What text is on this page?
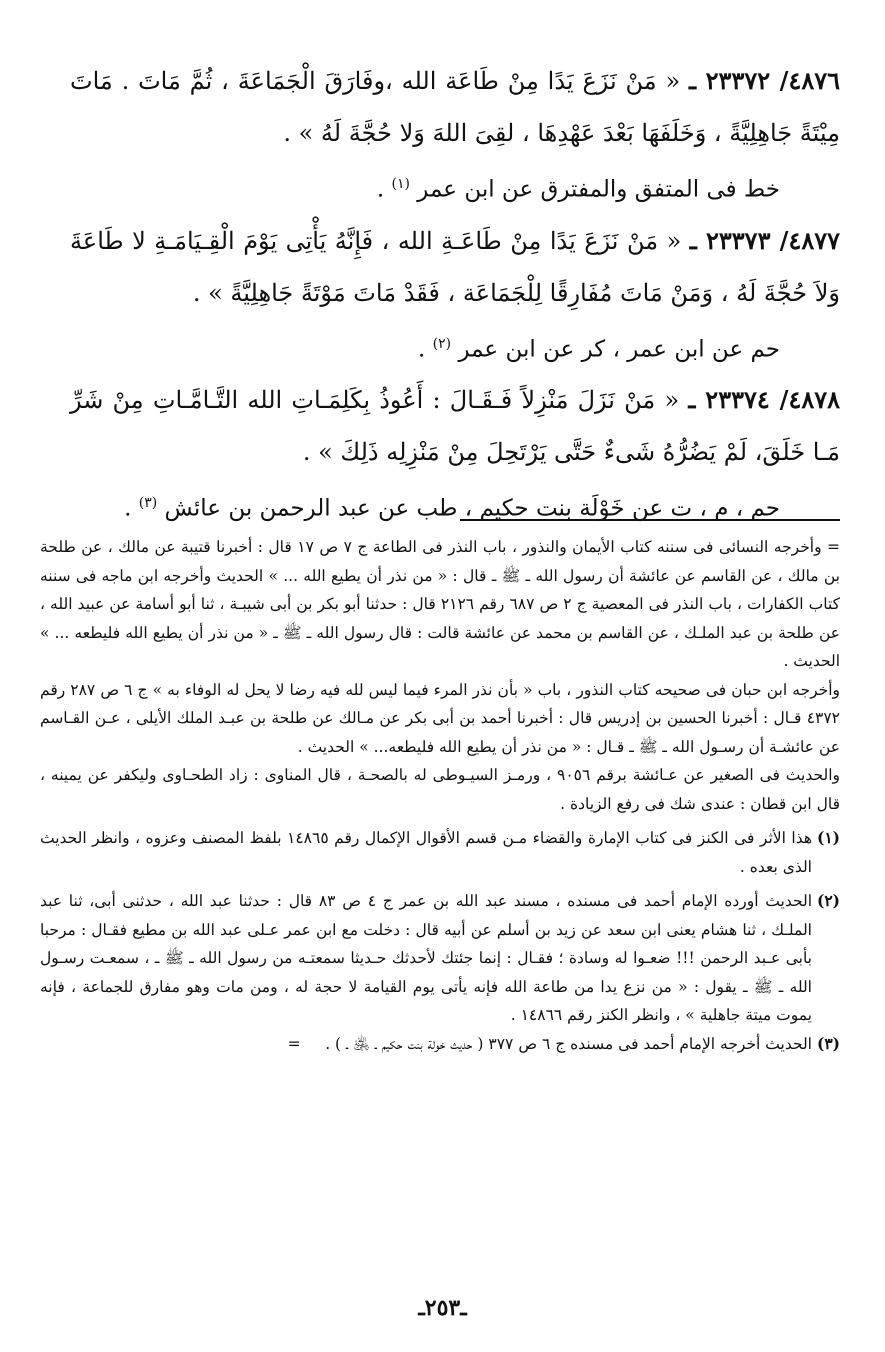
٤٨٧٦/ ٢٣٣٧٢ ـ « مَنْ نَزَعَ يَدًا مِنْ طَاعَة الله ،وفَارَقَ الْجَمَاعَةَ ، ثُمَّ مَاتَ . مَاتَ مِيْتَةً جَاهِلِيَّةً ، وَخَلَفَهَا بَعْدَ عَهْدِهَا ، لقِىَ اللهَ وَلا حُجَّةَ لَهُ » .

خط فى المتفق والمفترق عن ابن عمر $^{(١)}$ .

٤٨٧٧/ ٢٣٣٧٣ ـ « مَنْ نَزَعَ يَدًا مِنْ طَاعَـةِ الله ، فَإِنَّهُ يَأْتِى يَوْمَ الْقِـيَامَـةِ لا طَاعَةَ وَلاَ حُجَّةَ لَهُ ، وَمَنْ مَاتَ مُفَارِقًا لِلْجَمَاعَة ، فَقَدْ مَاتَ مَوْتَةً جَاهِلِيَّةً » .

حم عن ابن عمر ، كر عن ابن عمر $^{(٢)}$ .

٤٨٧٨/ ٢٣٣٧٤ ـ « مَنْ نَزَلَ مَنْزِلاً فَـقَـالَ : أَعُوذُ بِكَلِمَـاتِ الله التَّـامَّـاتِ مِنْ شَرِّ مَـا خَلَقَ، لَمْ يَضُرُّهُ شَىءٌ حَتَّى يَرْتَحِلَ مِنْ مَنْزِلِه ذَلِكَ » .

حم ، م ، ت عن خَوْلَة بنت حكيم ، طب عن عبد الرحمن بن عائش $^{(٣)}$ .

= وأخرجه النسائى فى سننه كتاب الأيمان والنذور ، باب النذر فى الطاعة ج ٧ ص ١٧ قال : أخبرنا قتيبة عن مالك ، عن طلحة بن مالك ، عن القاسم عن عائشة أن رسول الله ـ ﷺ ـ قال : « من نذر أن يطيع الله ... » الحديث وأخرجه ابن ماجه فى سننه كتاب الكفارات ، باب النذر فى المعصية ج ٢ ص ٦٨٧ رقم ٢١٢٦ قال : حدثنا أبو بكر بن أبى شيبـة ، ثنا أبو أسامة عن عبيد الله ، عن طلحة بن عبد الملـك ، عن القاسم بن محمد عن عائشة قالت : قال رسول الله ـ ﷺ ـ « من نذر أن يطيع الله فليطعه ... » الحديث .

وأخرجه ابن حبان فى صحيحه كتاب النذور ، باب « بأن نذر المرء فيما ليس لله فيه رضا لا يحل له الوفاء به » ج ٦ ص ٢٨٧ رقم ٤٣٧٢ قـال : أخبرنا الحسين بن إدريس قال : أخبرنا أحمد بن أبى بكر عن مـالك عن طلحة بن عبـد الملك الأيلى ، عـن القـاسم عن عائشـة أن رسـول الله ـ ﷺ ـ قـال : « من نذر أن يطيع الله فليطعه... » الحديث .

والحديث فى الصغير عن عـائشة برقم ٩٠٥٦ ، ورمـز السيـوطى له بالصحـة ، قال المناوى : زاد الطحـاوى وليكفر عن يمينه ، قال ابن قطان : عندى شك فى رفع الزيادة .

(١)
هذا الأثر فى الكنز فى كتاب الإمارة والقضاء مـن قسم الأقوال الإكمال رقم ١٤٨٦٥ بلفظ المصنف وعزوه ، وانظر الحديث الذى بعده .
(٢)
الحديث أورده الإمام أحمد فى مسنده ، مسند عبد الله بن عمر ج ٤ ص ٨٣ قال : حدثنا عبد الله ، حدثنى أبى، ثنا عبد الملـك ، ثنا هشام يعنى ابن سعد عن زيد بن أسلم عن أبيه قال : دخلت مع ابن عمر عـلى عبد الله بن مطيع فقـال : مرحبا بأبى عـبد الرحمن !!! ضعـوا له وسادة ؛ فقـال : إنما جئتك لأحدثك حـديثا سمعتـه من رسول الله ـ ﷺ ـ ، سمعـت رسـول الله ـ ﷺ ـ يقول : « من نزع يدا من طاعة الله فإنه يأتى يوم القيامة لا حجة له ، ومن مات وهو مفارق للجماعة ، فإنه يموت ميتة جاهلية » ، وانظر الكنز رقم ١٤٨٦٦ .
(٣)
الحديث أخرجه الإمام أحمد فى مسنده ج ٦ ص ٣٧٧ ( حديث خولة بنت حكيم ـ ﵁ ـ ) .     =
ـ٢٥٣ـ
